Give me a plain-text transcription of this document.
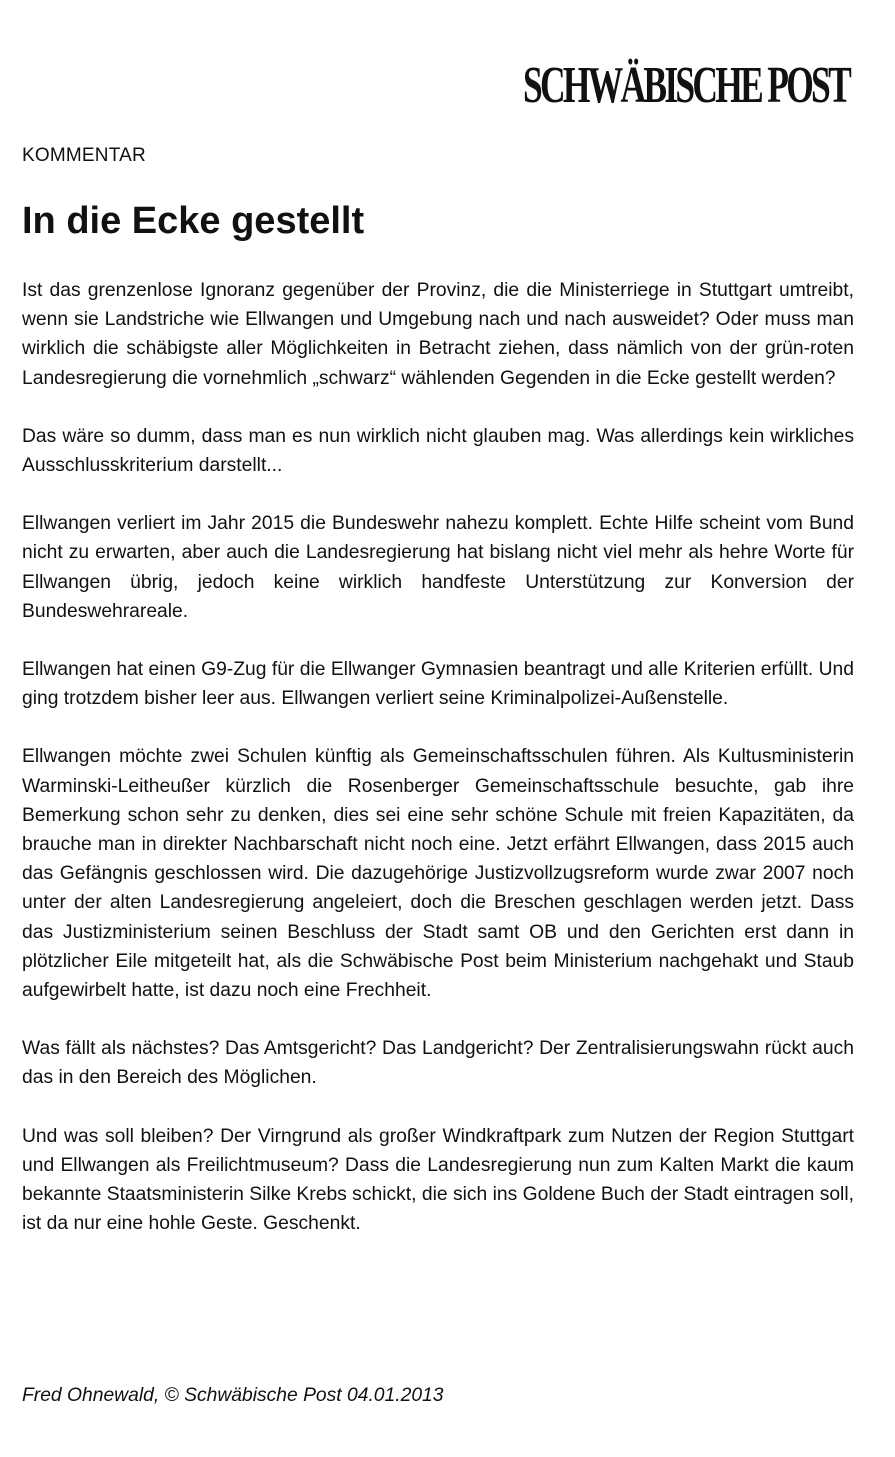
SCHWÄBISCHE POST
KOMMENTAR
In die Ecke gestellt

Ist das grenzenlose Ignoranz gegenüber der Provinz, die die Ministerriege in Stuttgart umtreibt, wenn sie Landstriche wie Ellwangen und Umgebung nach und nach ausweidet? Oder muss man wirklich die schäbigste aller Möglichkeiten in Betracht ziehen, dass nämlich von der grün-roten Landesregierung die vornehmlich „schwarz“ wählenden Gegenden in die Ecke gestellt werden?

Das wäre so dumm, dass man es nun wirklich nicht glauben mag. Was allerdings kein wirkliches Ausschlusskriterium darstellt...

Ellwangen verliert im Jahr 2015 die Bundeswehr nahezu komplett. Echte Hilfe scheint vom Bund nicht zu erwarten, aber auch die Landesregierung hat bislang nicht viel mehr als hehre Worte für Ellwangen übrig, jedoch keine wirklich handfeste Unterstützung zur Konversion der Bundeswehrareale.

Ellwangen hat einen G9-Zug für die Ellwanger Gymnasien beantragt und alle Kriterien erfüllt. Und ging trotzdem bisher leer aus. Ellwangen verliert seine Kriminalpolizei-Außenstelle.

Ellwangen möchte zwei Schulen künftig als Gemeinschaftsschulen führen. Als Kultusministerin Warminski-Leitheußer kürzlich die Rosenberger Gemeinschaftsschule besuchte, gab ihre Bemerkung schon sehr zu denken, dies sei eine sehr schöne Schule mit freien Kapazitäten, da brauche man in direkter Nachbarschaft nicht noch eine. Jetzt erfährt Ellwangen, dass 2015 auch das Gefängnis geschlossen wird. Die dazugehörige Justizvollzugsreform wurde zwar 2007 noch unter der alten Landesregierung angeleiert, doch die Breschen geschlagen werden jetzt. Dass das Justizministerium seinen Beschluss der Stadt samt OB und den Gerichten erst dann in plötzlicher Eile mitgeteilt hat, als die Schwäbische Post beim Ministerium nachgehakt und Staub aufgewirbelt hatte, ist dazu noch eine Frechheit.

Was fällt als nächstes? Das Amtsgericht? Das Landgericht? Der Zentralisierungswahn rückt auch das in den Bereich des Möglichen.

Und was soll bleiben? Der Virngrund als großer Windkraftpark zum Nutzen der Region Stuttgart und Ellwangen als Freilichtmuseum? Dass die Landesregierung nun zum Kalten Markt die kaum bekannte Staatsministerin Silke Krebs schickt, die sich ins Goldene Buch der Stadt eintragen soll, ist da nur eine hohle Geste. Geschenkt.

Fred Ohnewald, © Schwäbische Post 04.01.2013
